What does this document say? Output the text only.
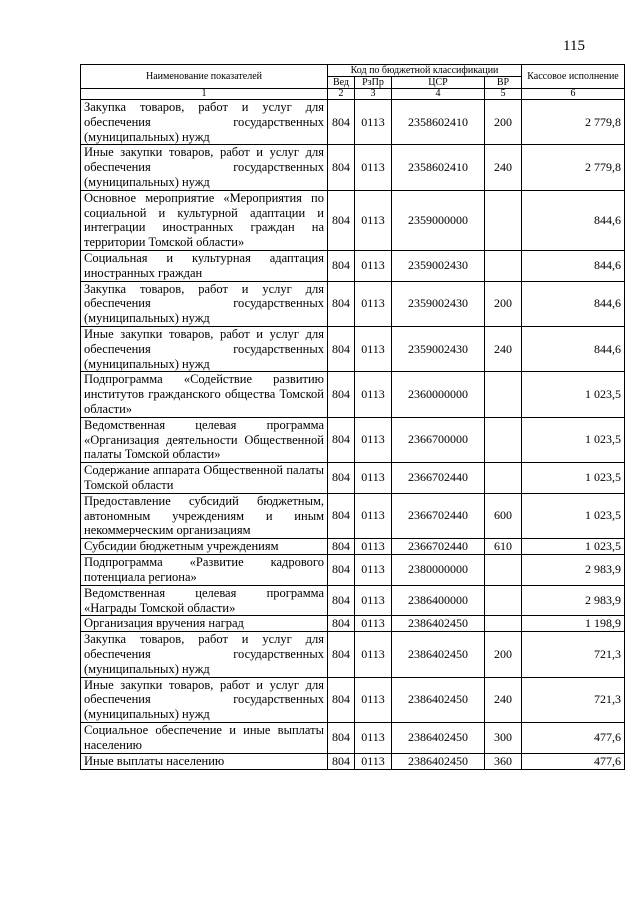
115
Наименование показателей	Код по бюджетной классификации				Кассовое исполнение
	Вед	РзПр	ЦСР	ВР	
1	2	3	4	5	6
Закупка товаров, работ и услуг для обеспечения государственных (муниципальных) нужд	804	0113	2358602410	200	2 779,8
Иные закупки товаров, работ и услуг для обеспечения государственных (муниципальных) нужд	804	0113	2358602410	240	2 779,8
Основное мероприятие «Мероприятия по социальной и культурной адаптации и интеграции иностранных граждан на территории Томской области»	804	0113	2359000000		844,6
Социальная и культурная адаптация иностранных граждан	804	0113	2359002430		844,6
Закупка товаров, работ и услуг для обеспечения государственных (муниципальных) нужд	804	0113	2359002430	200	844,6
Иные закупки товаров, работ и услуг для обеспечения государственных (муниципальных) нужд	804	0113	2359002430	240	844,6
Подпрограмма «Содействие развитию институтов гражданского общества Томской области»	804	0113	2360000000		1 023,5
Ведомственная целевая программа «Организация деятельности Общественной палаты Томской области»	804	0113	2366700000		1 023,5
Содержание аппарата Общественной палаты Томской области	804	0113	2366702440		1 023,5
Предоставление субсидий бюджетным, автономным учреждениям и иным некоммерческим организациям	804	0113	2366702440	600	1 023,5
Субсидии бюджетным учреждениям	804	0113	2366702440	610	1 023,5
Подпрограмма «Развитие кадрового потенциала региона»	804	0113	2380000000		2 983,9
Ведомственная целевая программа «Награды Томской области»	804	0113	2386400000		2 983,9
Организация вручения наград	804	0113	2386402450		1 198,9
Закупка товаров, работ и услуг для обеспечения государственных (муниципальных) нужд	804	0113	2386402450	200	721,3
Иные закупки товаров, работ и услуг для обеспечения государственных (муниципальных) нужд	804	0113	2386402450	240	721,3
Социальное обеспечение и иные выплаты населению	804	0113	2386402450	300	477,6
Иные выплаты населению	804	0113	2386402450	360	477,6
